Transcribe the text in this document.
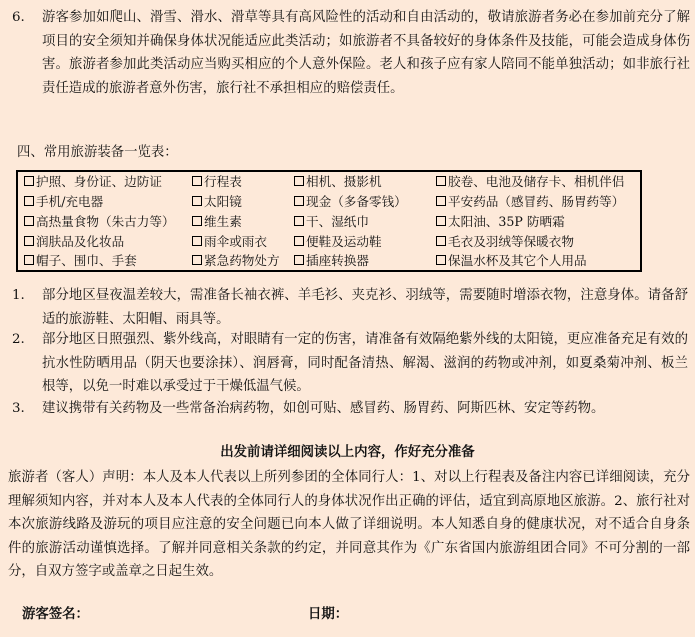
6. 游客参加如爬山、滑雪、滑水、滑草等具有高风险性的活动和自由活动的，敬请旅游者务必在参加前充分了解项目的安全须知并确保身体状况能适应此类活动；如旅游者不具备较好的身体条件及技能，可能会造成身体伤害。旅游者参加此类活动应当购买相应的个人意外保险。老人和孩子应有家人陪同不能单独活动；如非旅行社责任造成的旅游者意外伤害，旅行社不承担相应的赔偿责任。
四、常用旅游装备一览表：
护照、身份证、边防证	行程表	相机、摄影机	胶卷、电池及储存卡、相机伴侣
手机/充电器	太阳镜	现金（多备零钱）	平安药品（感冒药、肠胃药等）
高热量食物（朱古力等）	维生素	干、湿纸巾	太阳油、35P 防晒霜
润肤品及化妆品	雨伞或雨衣	便鞋及运动鞋	毛衣及羽绒等保暖衣物
帽子、围巾、手套	紧急药物处方	插座转换器	保温水杯及其它个人用品
1. 部分地区昼夜温差较大，需准备长袖衣裤、羊毛衫、夹克衫、羽绒等，需要随时增添衣物，注意身体。请备舒适的旅游鞋、太阳帽、雨具等。
2. 部分地区日照强烈、紫外线高，对眼睛有一定的伤害，请准备有效隔绝紫外线的太阳镜，更应准备充足有效的抗水性防晒用品（阴天也要涂抹）、润唇膏，同时配备清热、解渴、滋润的药物或冲剂，如夏桑菊冲剂、板兰根等，以免一时难以承受过于干燥低温气候。
3. 建议携带有关药物及一些常备治病药物，如创可贴、感冒药、肠胃药、阿斯匹林、安定等药物。
出发前请详细阅读以上内容，作好充分准备
旅游者（客人）声明：本人及本人代表以上所列参团的全体同行人：1、对以上行程表及备注内容已详细阅读，充分理解须知内容，并对本人及本人代表的全体同行人的身体状况作出正确的评估，适宜到高原地区旅游。2、旅行社对本次旅游线路及游玩的项目应注意的安全问题已向本人做了详细说明。本人知悉自身的健康状况，对不适合自身条件的旅游活动谨慎选择。了解并同意相关条款的约定，并同意其作为《广东省国内旅游组团合同》不可分割的一部分，自双方签字或盖章之日起生效。
游客签名：	日期：
